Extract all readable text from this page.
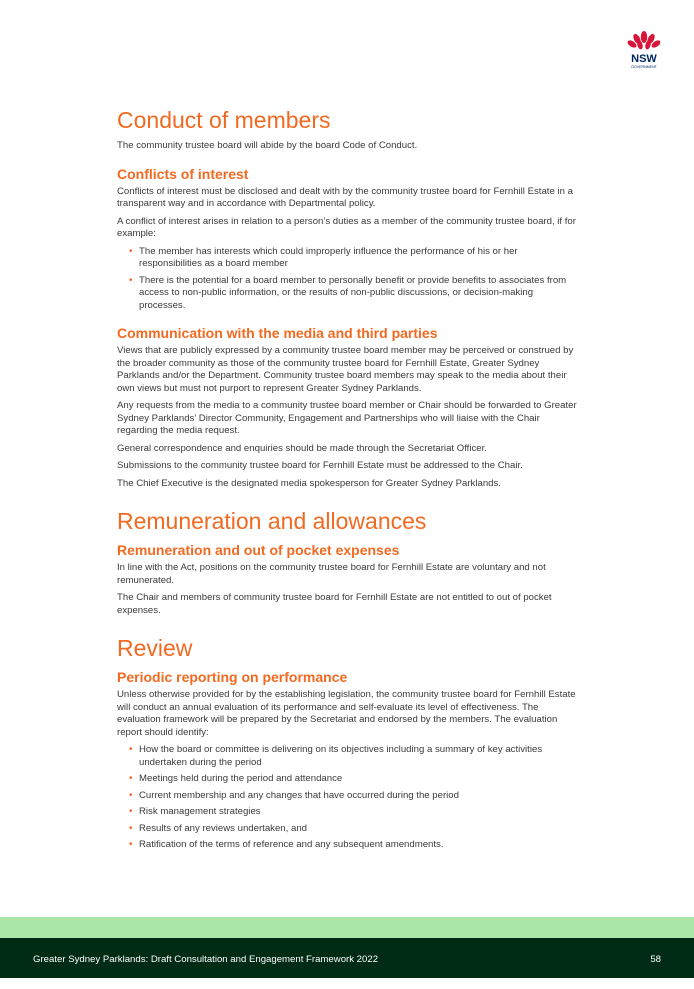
NSW
GOVERNMENT
Conduct of members

The community trustee board will abide by the board Code of Conduct.

Conflicts of interest

Conflicts of interest must be disclosed and dealt with by the community trustee board for Fernhill Estate in a transparent way and in accordance with Departmental policy.

A conflict of interest arises in relation to a person’s duties as a member of the community trustee board, if for example:

• The member has interests which could improperly influence the performance of his or her responsibilities as a board member
• There is the potential for a board member to personally benefit or provide benefits to associates from access to non-public information, or the results of non-public discussions, or decision-making processes.
Communication with the media and third parties

Views that are publicly expressed by a community trustee board member may be perceived or construed by the broader community as those of the community trustee board for Fernhill Estate, Greater Sydney Parklands and/or the Department. Community trustee board members may speak to the media about their own views but must not purport to represent Greater Sydney Parklands.

Any requests from the media to a community trustee board member or Chair should be forwarded to Greater Sydney Parklands’ Director Community, Engagement and Partnerships who will liaise with the Chair regarding the media request.

General correspondence and enquiries should be made through the Secretariat Officer.

Submissions to the community trustee board for Fernhill Estate must be addressed to the Chair.

The Chief Executive is the designated media spokesperson for Greater Sydney Parklands.

Remuneration and allowances
Remuneration and out of pocket expenses

In line with the Act, positions on the community trustee board for Fernhill Estate are voluntary and not remunerated.

The Chair and members of community trustee board for Fernhill Estate are not entitled to out of pocket expenses.

Review
Periodic reporting on performance

Unless otherwise provided for by the establishing legislation, the community trustee board for Fernhill Estate will conduct an annual evaluation of its performance and self-evaluate its level of effectiveness. The evaluation framework will be prepared by the Secretariat and endorsed by the members. The evaluation report should identify:

• How the board or committee is delivering on its objectives including a summary of key activities undertaken during the period
• Meetings held during the period and attendance
• Current membership and any changes that have occurred during the period
• Risk management strategies
• Results of any reviews undertaken, and
• Ratification of the terms of reference and any subsequent amendments.
Greater Sydney Parklands: Draft Consultation and Engagement Framework 2022	58
